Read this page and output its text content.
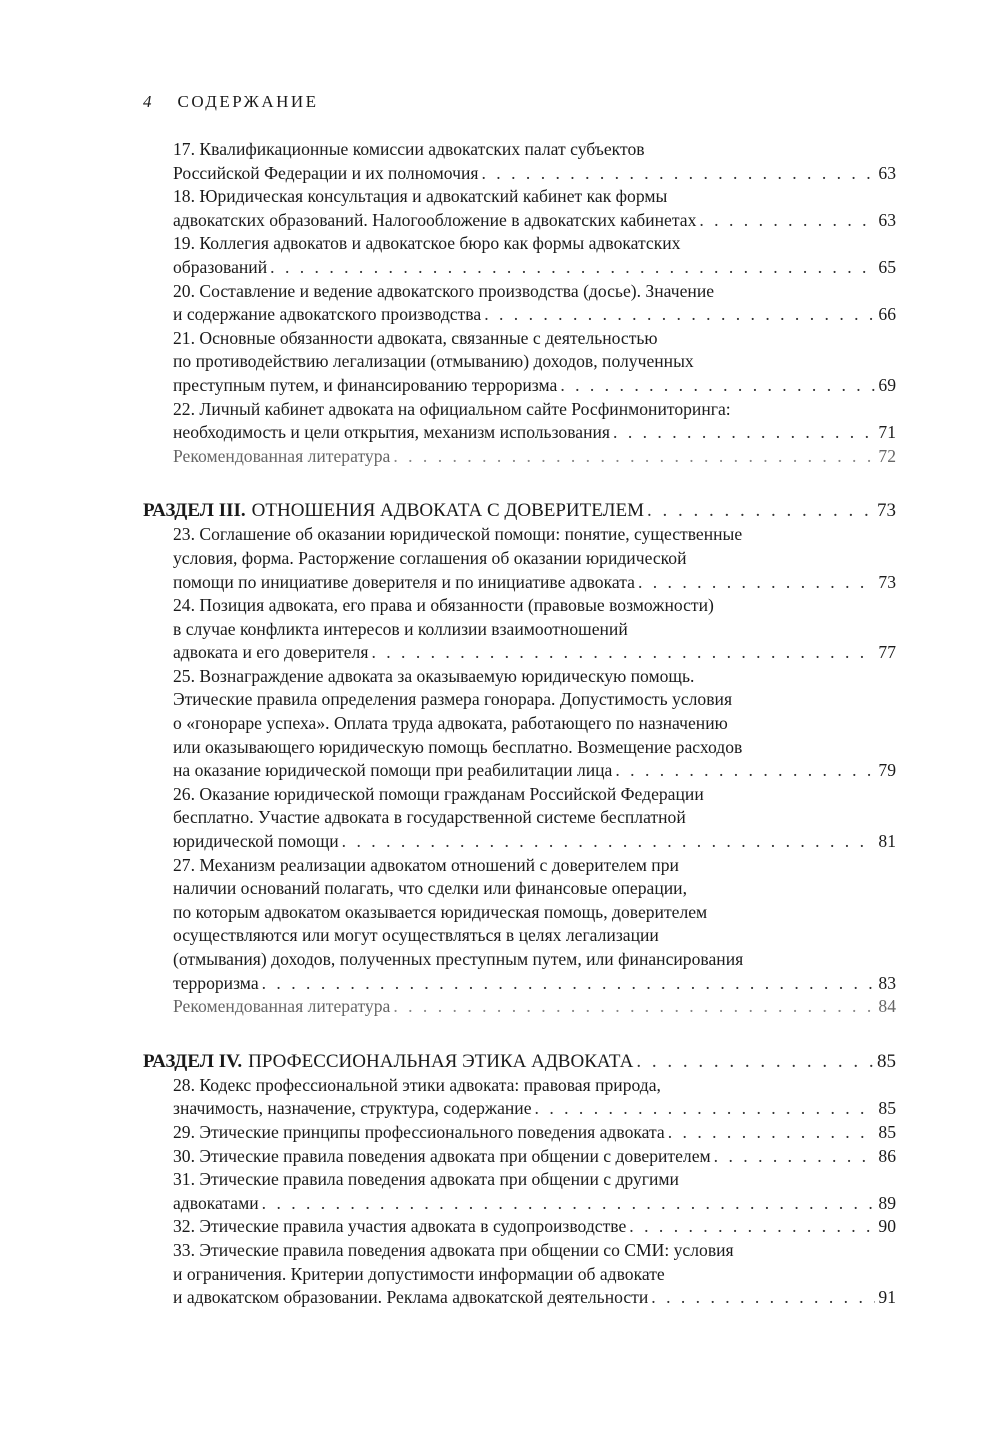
4 СОДЕРЖАНИЕ
17. Квалификационные комиссии адвокатских палат субъектов
Российской Федерации и их полномочия . . .	63
18. Юридическая консультация и адвокатский кабинет как формы
адвокатских образований. Налогообложение в адвокатских кабинетах . . .	63
19. Коллегия адвокатов и адвокатское бюро как формы адвокатских
образований . . .	65
20. Составление и ведение адвокатского производства (досье). Значение
и содержание адвокатского производства . . .	66
21. Основные обязанности адвоката, связанные с деятельностью
по противодействию легализации (отмыванию) доходов, полученных
преступным путем, и финансированию терроризма . . .	69
22. Личный кабинет адвоката на официальном сайте Росфинмониторинга:
необходимость и цели открытия, механизм использования . . .	71
Рекомендованная литература . . .	72
РАЗДЕЛ III. ОТНОШЕНИЯ АДВОКАТА С ДОВЕРИТЕЛЕМ . . .	73
23. Соглашение об оказании юридической помощи: понятие, существенные
условия, форма. Расторжение соглашения об оказании юридической
помощи по инициативе доверителя и по инициативе адвоката . . .	73
24. Позиция адвоката, его права и обязанности (правовые возможности)
в случае конфликта интересов и коллизии взаимоотношений
адвоката и его доверителя . . .	77
25. Вознаграждение адвоката за оказываемую юридическую помощь.
Этические правила определения размера гонорара. Допустимость условия
о «гонораре успеха». Оплата труда адвоката, работающего по назначению
или оказывающего юридическую помощь бесплатно. Возмещение расходов
на оказание юридической помощи при реабилитации лица . . .	79
26. Оказание юридической помощи гражданам Российской Федерации
бесплатно. Участие адвоката в государственной системе бесплатной
юридической помощи . . .	81
27. Механизм реализации адвокатом отношений с доверителем при
наличии оснований полагать, что сделки или финансовые операции,
по которым адвокатом оказывается юридическая помощь, доверителем
осуществляются или могут осуществляться в целях легализации
(отмывания) доходов, полученных преступным путем, или финансирования
терроризма . . .	83
Рекомендованная литература . . .	84
РАЗДЕЛ IV. ПРОФЕССИОНАЛЬНАЯ ЭТИКА АДВОКАТА . . .	85
28. Кодекс профессиональной этики адвоката: правовая природа,
значимость, назначение, структура, содержание . . .	85
29. Этические принципы профессионального поведения адвоката . . .	85
30. Этические правила поведения адвоката при общении с доверителем . . .	86
31. Этические правила поведения адвоката при общении с другими
адвокатами . . .	89
32. Этические правила участия адвоката в судопроизводстве . . .	90
33. Этические правила поведения адвоката при общении со СМИ: условия
и ограничения. Критерии допустимости информации об адвокате
и адвокатском образовании. Реклама адвокатской деятельности . . .	91
